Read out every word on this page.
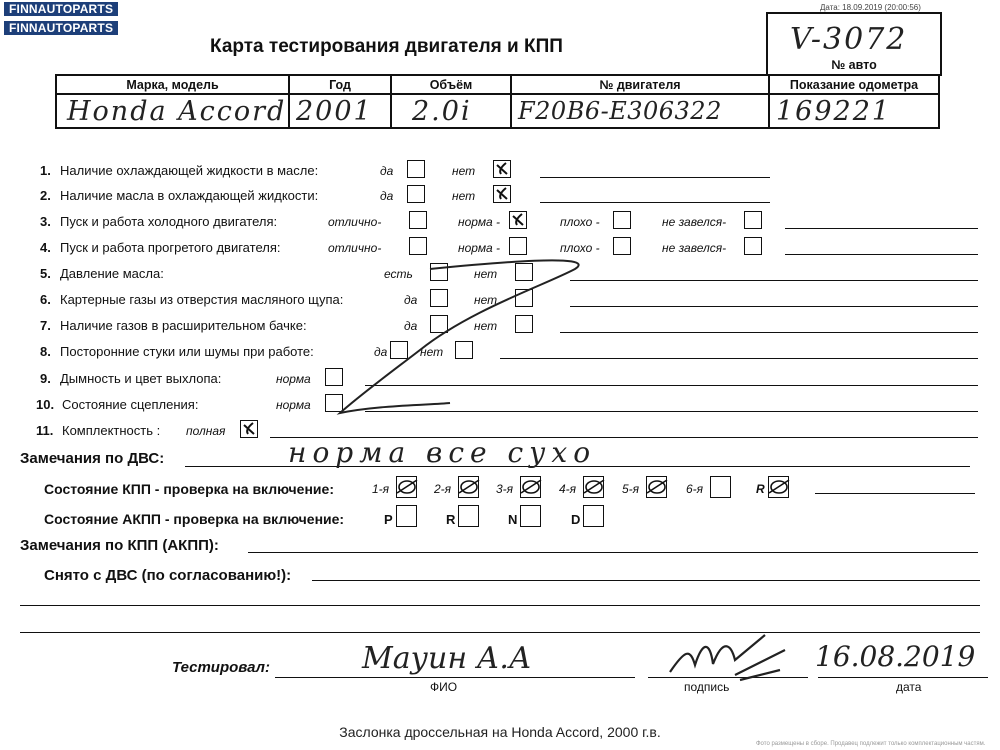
FINNAUTOPARTS
FINNAUTOPARTS
Дата: 18.09.2019 (20:00:56)
Карта тестирования двигателя и КПП	V-3072
№ авто
Марка, модель	Год	Объём	№ двигателя	Показание одометра
Honda Accord	2001	2.0i	F20B6-E306322	169221
1. Наличие охлаждающей жидкости в масле:	да	нет
2. Наличие масла в охлаждающей жидкости:	да	нет
3. Пуск и работа холодного двигателя:	отлично-	норма -	плохо -	не завелся-
4. Пуск и работа прогретого двигателя:	отлично-	норма -	плохо -	не завелся-
5. Давление масла:	есть	нет
6. Картерные газы из отверстия масляного щупа:	да	нет
7. Наличие газов в расширительном бачке:	да	нет
8. Посторонние стуки или шумы при работе:	да	нет
9. Дымность и цвет выхлопа:	норма
10. Состояние сцепления:	норма
11. Комплектность : полная
Замечания по ДВС:	норма все сухо
Состояние КПП - проверка на включение:	1-я	2-я	3-я	4-я	5-я	6-я	R
Состояние АКПП - проверка на включение:	P	R	N	D
Замечания по КПП (АКПП):
Снято с ДВС (по согласованию!):
Тестировал:	Мауин А.А
ФИО	подпись
16.08.2019
дата
Заслонка дроссельная на Honda Accord, 2000 г.в.
Фото размещены в сборе. Продавец подлежит только комплектационным частям.
